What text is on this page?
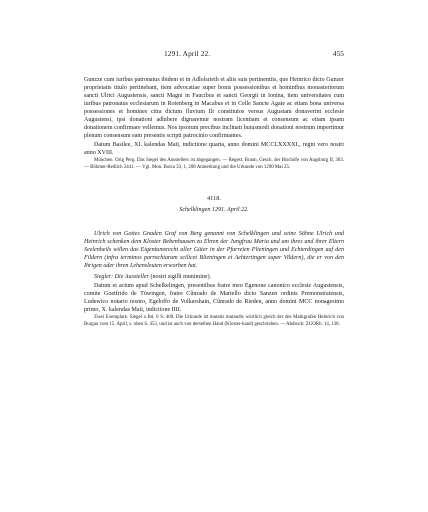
1291. April 22.	455

Gunzze cum iuribus patronatus ibidem et in Adlolsrieth et aliis suis pertinentiis, que Heinrico dicto Gunzer proprietatis titulo pertinebant, item advocatiae super bonis possessionibus et hominibus monasteriorum sancti Ulrici Augustensis, sancti Magni in Faucibus et sancti Georgii in Ionina, item universitates cum iuribus patronatus ecclesiarum in Rotenberg in Macabus et in Celle Sancte Agate ac etiam bona universa possessiones et homines citra dictum fluvium Ilr constitutos versus Augustam donaverint ecclesie Augustensi, ipsi donationi adhibere dignaremur nostram licentiam et consensum ac etiam ipsam donationem confirmare vellemus. Nos ipsorum precibus inclinati huiusmodi donationi nostrum impertimur plenum consensum eam presentis scripti patrocinio confirmantes.

Datum Basilee, XI. kalendas Maii, indictione quarta, anno domini MCCLXXXXI., regni vero nostri anno XVIII.

München. Orig Perg. Das Siegel des Ausstellers ist abgegangen. — Regest: Braun, Gesch. der Bischöfe von Augsburg II, 303. — Böhmer-Redlich 2441. — Vgl. Mon. Boica 33, 1, 208 Anmerkung und die Urkunde von 1290 Mai 25.

4118.

Schelklingen 1291. April 22.

Ulrich von Gottes Gnaden Graf von Berg genannt von Schelklingen und seine Söhne Ulrich und Heinrich schenken dem Kloster Bebenhausen zu Ehren der Jungfrau Maria und um ihres und ihrer Eltern Seelenheils willen das Eigentumsrecht aller Güter in der Pfarreien Plieningen und Echterdingen auf den Fildern (infra terminos parrochiarum scilicet Blieningen et Aehtertingen super Vildern), die er von den Ihrigen oder ihren Lehensleuten erworben hat.

Siegler: Die Aussteller (nostri sigilli munimine).

Datum et actum apud Schelkelingen, presentibus fratre meo Egenone canonico ecclesie Augustensis, comite Goetfrido de Tüwingen, fratre Cûnrado de Martello dicto Sanzen ordinis Premonstratensis, Ludewico notario nostro, Egeloffo de Volkershain, Cûnrado de Rieden, anno domini MCC nonagesimo primo, X. kalendas Maii, indictione IIII.

Zwei Exemplare. Siegel a Bd. 6 S. 400. Die Urkunde ist mutatis mutandis wörtlich gleich der des Markgrafen Heinrich von Burgau vom 15. April, s. oben S. 453, und ist auch von derselben Hand (Kloster-hand) geschrieben. — Abdruck: ZGORh. 14, 138.
